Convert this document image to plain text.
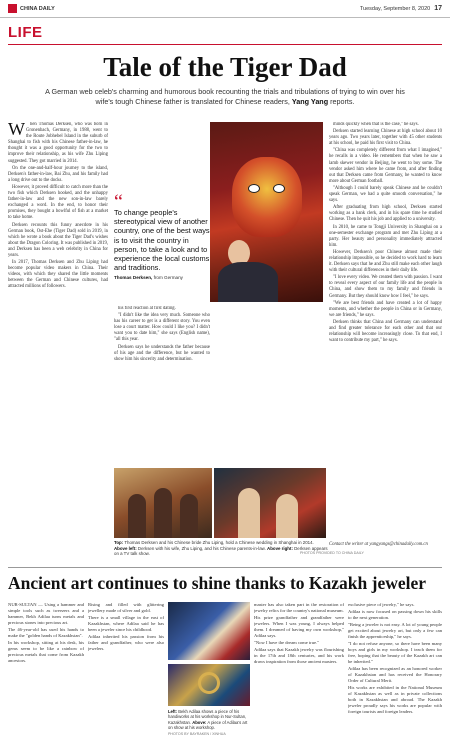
CHINA DAILY	Tuesday, September 8, 2020 17
LIFE
Tale of the Tiger Dad
A German web celeb's charming and humorous book recounting the trials and tribulations of trying to win over his wife's tough Chinese father is translated for Chinese readers, Yang Yang reports.
W	hen Thomas Derksen, who was born in Gronenbach, Germany, in 1988, went to the Route Jobhebel Island in the suburb of Shanghai to fish with his Chinese father-in-law, he thought it was a good opportunity for the two to improve their relationship, as his wife Zhu Liping suggested. They got married in 2014.

On the one-and-half-hour journey to the island, Derksen's father-in-law, Bai Zhu, and his family had a long drive out to the docks.

However, it proved difficult to catch more than the two fish which Derksen hooked, and the unhappy father-in-law and the new son-in-law barely exchanged a word. In the end, to honor their promises, they bought a bowlful of fish at a market to take home.

Derksen recounts this funny anecdote in his German book, Ost-Ehe (Tiger Dad) sold in 2019, in which he wrote a book about the Tiger Dad's wishes about the Dragon Coloring. It was published in 2019, and Derksen has been a web celebrity in China for years.

In 2017, Thomas Derksen and Zhu Liping had become popular video makers in China. Their videos, with which they shared the little moments between the German and Chinese cultures, had attracted millions of followers.

“
To change people's stereotypical view of another country, one of the best ways is to visit the country in person, to take a look and to experience the local customs and traditions.
Thomas Derksen, from Germany

his first reaction at first dating.

"I didn't like the idea very much. Someone who has his career to get is a different story. You even lose a court matter. How could I like you? I didn't want you to date him," she says (English name), "all this year.

Derksen says he understands the father because of his age and the difference, but he wanted to show him his sincerity and determination.

minds quickly when that is the case," he says.

Derksen started learning Chinese at high school about 10 years ago. Two years later, together with 45 other students at his school, he paid his first visit to China.

"China was completely different from what I imagined," he recalls in a video. He remembers that when he saw a lamb skewer vendor in Beijing, he went to buy some. The vendor asked him where he came from, and after finding out that Derksen came from Germany, he wanted to know more about German football.

"Although I could barely speak Chinese and he couldn't speak German, we had a quite smooth conversation," he says.

After graduating from high school, Derksen started working as a bank clerk, and in his spare time he studied Chinese. Then he quit his job and applied to a university.

In 2010, he came to Tongji University in Shanghai on a one-semester exchange program and met Zhu Liping at a party. Her beauty and personality immediately attracted him.

However, Derksen's poor Chinese almost made their relationship impossible, so he decided to work hard to learn it. Derksen says that he and Zhu still make each other laugh with their cultural differences in their daily life.

"I love every video. We created them with passion. I want to reveal every aspect of our family life and the people in China, and show them to my family and friends in Germany. But they should know how I feel," he says.

"We are best friends and have created a lot of happy moments, and whether the people in China or in Germany, we are friends," he says.

Derksen thinks that China and Germany can understand and find greater tolerance for each other and that our relationship will become increasingly close. To that end, I want to contribute my part," he says.

Top: Thomas Derksen and his Chinese bride Zhu Liping, hold a Chinese wedding in Shanghai in 2014. Above left: Derksen with his wife, Zhu Liping, and his Chinese parents-in-law. Above right: Derksen appears on a TV talk show.	PHOTOS PROVIDED TO CHINA DAILY
Contact the writer at yangyangs@chinadaily.com.cn
Ancient art continues to shine thanks to Kazakh jeweler

NUR-SULTAN — Using a hammer and simple tools such as tweezers and a hammer, Bekh Adilaa turns metals and precious stones into precious art.

The 46-year-old has used his hands to make the "golden hands of Kazakhstan".

In his workshop, sitting at his desk, his gems seem to be like a rainbow of precious metals that come from Kazakh ancestors.

Rising and filled with glittering jewellery made of silver and gold.

There is a small village in the east of Kazakhstan, where Adilaa said he has been a jeweler since his childhood.

Adilaa inherited his passion from his father and grandfather, who were also jewelers.

Left: Bekh Adilaa shows a piece of his handiworks at his workshop in Nur-Sultan, Kazakhstan. Above: A piece of Adilaa's art on show at his workshop.
PHOTOS BY BAYRAKEN / XINHUA

master has also taken part in the restoration of jewelry relics for the country's national museum.

His prize grandfather and grandfather were jewelers. When I was young, I always helped them. I dreamed of having my own workshop," Adilaa says.

"Now I have the dream come true."

Adilaa says that Kazakh jewelry was flourishing in the 17th and 18th centuries, and his work draws inspiration from those ancient masters.

exclusive piece of jewelry," he says.

Adilaa is now focused on passing down his skills to the next generation.

"Being a jeweler is not easy. A lot of young people get excited about jewelry art, but only a few can finish the apprenticeship," he says.

"I do not refuse anyone, so there have been many boys and girls in my workshop. I teach them for free, hoping that the beauty of the Kazakh art can be inherited."

Adilaa has been recognized as an honored worker of Kazakhstan and has received the Honorary Order of Cultural Merit.

His works are exhibited in the National Museum of Kazakhstan as well as in private collections both in Kazakhstan and abroad. The Kazakh jeweler proudly says his works are popular with foreign tourists and foreign leaders.
